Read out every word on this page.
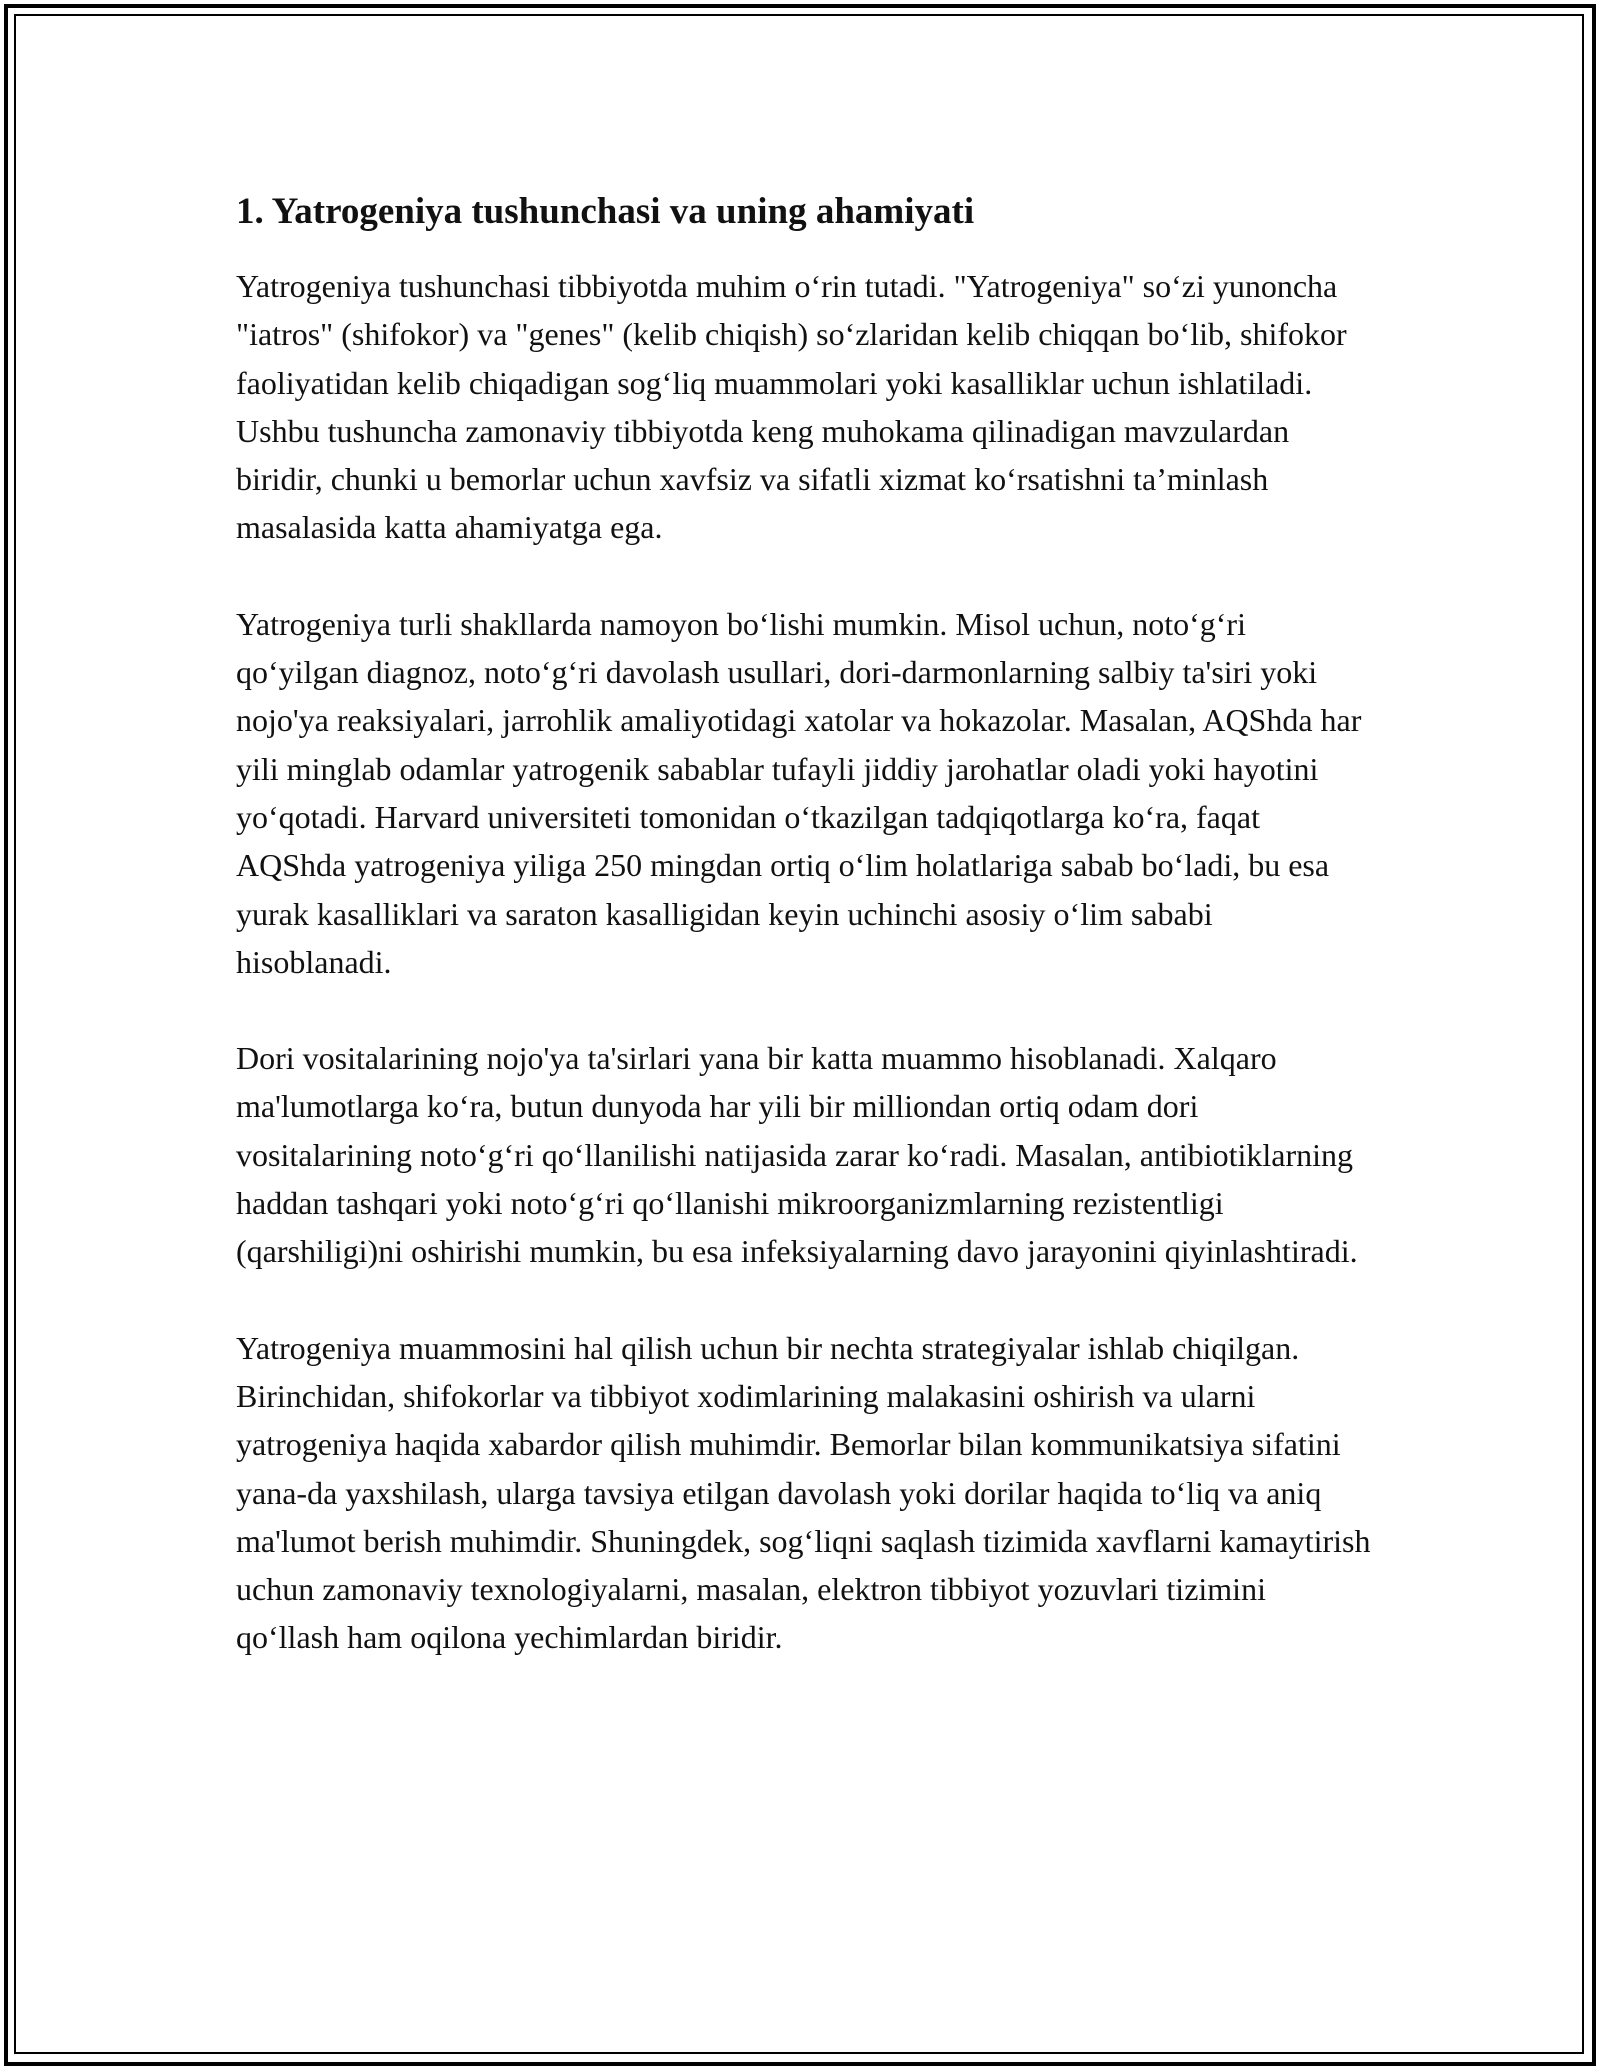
1. Yatrogeniya tushunchasi va uning ahamiyati

Yatrogeniya tushunchasi tibbiyotda muhim o‘rin tutadi. "Yatrogeniya" so‘zi yunoncha "iatros" (shifokor) va "genes" (kelib chiqish) so‘zlaridan kelib chiqqan bo‘lib, shifokor faoliyatidan kelib chiqadigan sog‘liq muammolari yoki kasalliklar uchun ishlatiladi. Ushbu tushuncha zamonaviy tibbiyotda keng muhokama qilinadigan mavzulardan biridir, chunki u bemorlar uchun xavfsiz va sifatli xizmat ko‘rsatishni ta’minlash masalasida katta ahamiyatga ega.

Yatrogeniya turli shakllarda namoyon bo‘lishi mumkin. Misol uchun, noto‘g‘ri qo‘yilgan diagnoz, noto‘g‘ri davolash usullari, dori-darmonlarning salbiy ta'siri yoki nojo'ya reaksiyalari, jarrohlik amaliyotidagi xatolar va hokazolar. Masalan, AQShda har yili minglab odamlar yatrogenik sabablar tufayli jiddiy jarohatlar oladi yoki hayotini yo‘qotadi. Harvard universiteti tomonidan o‘tkazilgan tadqiqotlarga ko‘ra, faqat AQShda yatrogeniya yiliga 250 mingdan ortiq o‘lim holatlariga sabab bo‘ladi, bu esa yurak kasalliklari va saraton kasalligidan keyin uchinchi asosiy o‘lim sababi hisoblanadi.

Dori vositalarining nojo'ya ta'sirlari yana bir katta muammo hisoblanadi. Xalqaro ma'lumotlarga ko‘ra, butun dunyoda har yili bir milliondan ortiq odam dori vositalarining noto‘g‘ri qo‘llanilishi natijasida zarar ko‘radi. Masalan, antibiotiklarning haddan tashqari yoki noto‘g‘ri qo‘llanishi mikroorganizmlarning rezistentligi (qarshiligi)ni oshirishi mumkin, bu esa infeksiyalarning davo jarayonini qiyinlashtiradi.

Yatrogeniya muammosini hal qilish uchun bir nechta strategiyalar ishlab chiqilgan. Birinchidan, shifokorlar va tibbiyot xodimlarining malakasini oshirish va ularni yatrogeniya haqida xabardor qilish muhimdir. Bemorlar bilan kommunikatsiya sifatini yana-da yaxshilash, ularga tavsiya etilgan davolash yoki dorilar haqida to‘liq va aniq ma'lumot berish muhimdir. Shuningdek, sog‘liqni saqlash tizimida xavflarni kamaytirish uchun zamonaviy texnologiyalarni, masalan, elektron tibbiyot yozuvlari tizimini qo‘llash ham oqilona yechimlardan biridir.
